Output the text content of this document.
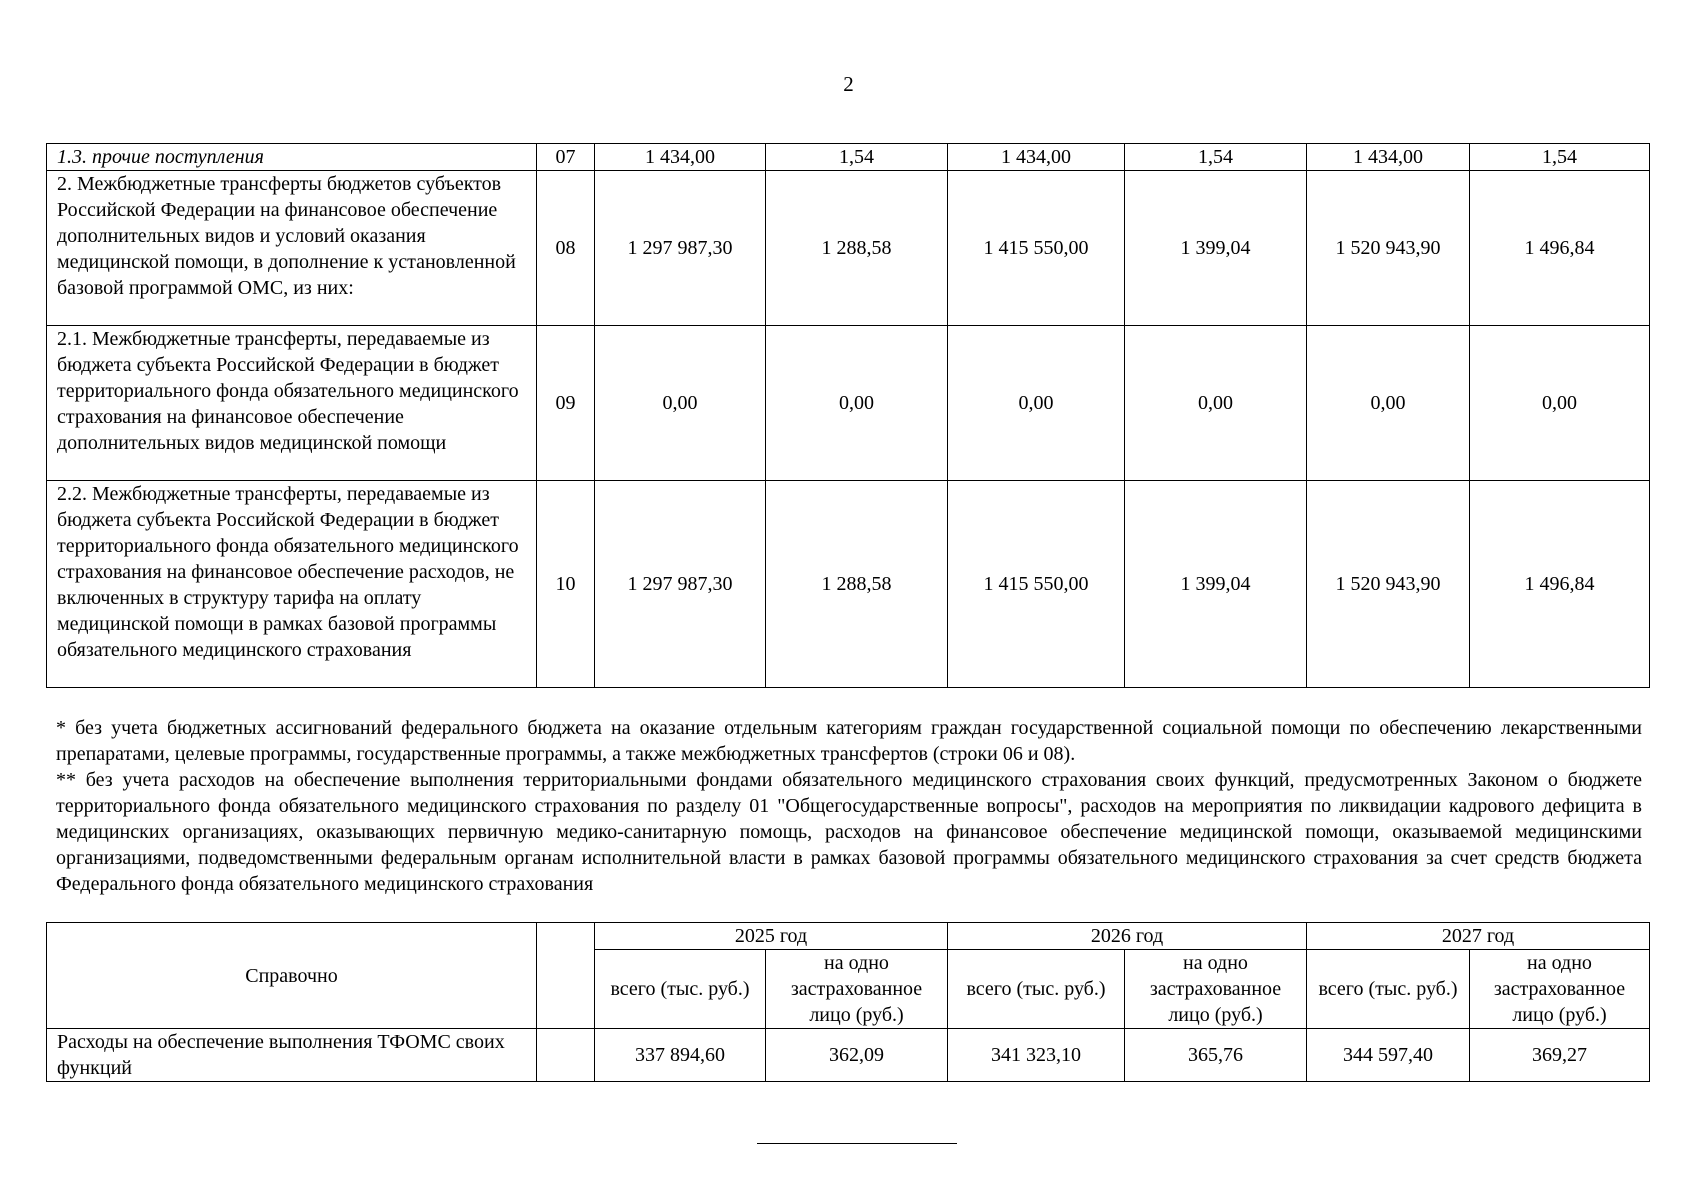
2
1.3. прочие поступления	07	1 434,00	1,54	1 434,00	1,54	1 434,00	1,54
2. Межбюджетные трансферты бюджетов субъектов Российской Федерации на финансовое обеспечение дополнительных видов и условий оказания медицинской помощи, в дополнение к установленной базовой программой ОМС, из них:	08	1 297 987,30	1 288,58	1 415 550,00	1 399,04	1 520 943,90	1 496,84
2.1. Межбюджетные трансферты, передаваемые из бюджета субъекта Российской Федерации в бюджет территориального фонда обязательного медицинского страхования на финансовое обеспечение дополнительных видов медицинской помощи	09	0,00	0,00	0,00	0,00	0,00	0,00
2.2. Межбюджетные трансферты, передаваемые из бюджета субъекта Российской Федерации в бюджет территориального фонда обязательного медицинского страхования на финансовое обеспечение расходов, не включенных в структуру тарифа на оплату медицинской помощи в рамках базовой программы обязательного медицинского страхования	10	1 297 987,30	1 288,58	1 415 550,00	1 399,04	1 520 943,90	1 496,84

* без учета бюджетных ассигнований федерального бюджета на оказание отдельным категориям граждан государственной социальной помощи по обеспечению лекарственными препаратами, целевые программы, государственные программы, а также межбюджетных трансфертов (строки 06 и 08).

** без учета расходов на обеспечение выполнения территориальными фондами обязательного медицинского страхования своих функций, предусмотренных Законом о бюджете территориального фонда обязательного медицинского страхования по разделу 01 "Общегосударственные вопросы", расходов на мероприятия по ликвидации кадрового дефицита в медицинских организациях, оказывающих первичную медико-санитарную помощь, расходов на финансовое обеспечение медицинской помощи, оказываемой медицинскими организациями, подведомственными федеральным органам исполнительной власти в рамках базовой программы обязательного медицинского страхования за счет средств бюджета Федерального фонда обязательного медицинского страхования

Справочно		2025 год		2026 год		2027 год	
		всего (тыс. руб.)	на одно застрахованное лицо (руб.)	всего (тыс. руб.)	на одно застрахованное лицо (руб.)	всего (тыс. руб.)	на одно застрахованное лицо (руб.)
Расходы на обеспечение выполнения ТФОМС своих функций		337 894,60	362,09	341 323,10	365,76	344 597,40	369,27
